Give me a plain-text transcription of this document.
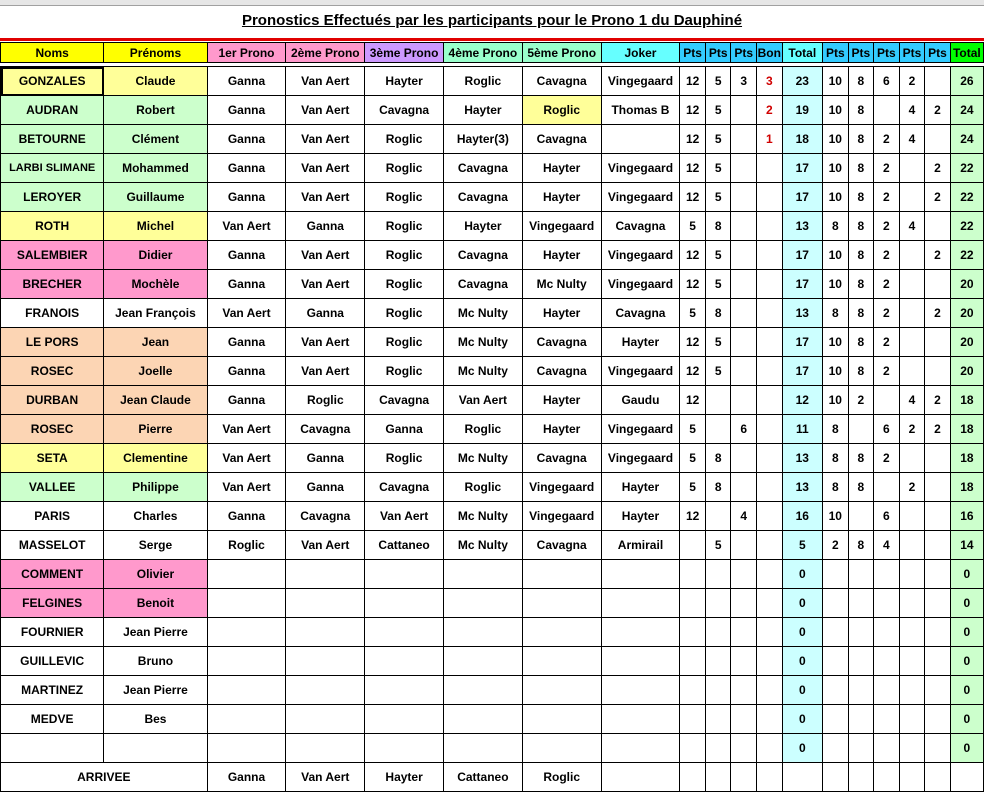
Pronostics Effectués par les participants pour le Prono 1 du Dauphiné
Noms	Prénoms	1er Prono	2ème Prono	3ème Prono	4ème Prono	5ème Prono	Joker	Pts	Pts	Pts	Bon	Total	Pts	Pts	Pts	Pts	Pts	Total

GONZALES	Claude	Ganna	Van Aert	Hayter	Roglic	Cavagna	Vingegaard	12	5	3	3	23	10	8	6	2		26
AUDRAN	Robert	Ganna	Van Aert	Cavagna	Hayter	Roglic	Thomas B	12	5		2	19	10	8		4	2	24
BETOURNE	Clément	Ganna	Van Aert	Roglic	Hayter(3)	Cavagna		12	5		1	18	10	8	2	4		24
LARBI SLIMANE	Mohammed	Ganna	Van Aert	Roglic	Cavagna	Hayter	Vingegaard	12	5			17	10	8	2		2	22
LEROYER	Guillaume	Ganna	Van Aert	Roglic	Cavagna	Hayter	Vingegaard	12	5			17	10	8	2		2	22
ROTH	Michel	Van Aert	Ganna	Roglic	Hayter	Vingegaard	Cavagna	5	8			13	8	8	2	4		22
SALEMBIER	Didier	Ganna	Van Aert	Roglic	Cavagna	Hayter	Vingegaard	12	5			17	10	8	2		2	22
BRECHER	Mochèle	Ganna	Van Aert	Roglic	Cavagna	Mc Nulty	Vingegaard	12	5			17	10	8	2			20
FRANOIS	Jean François	Van Aert	Ganna	Roglic	Mc Nulty	Hayter	Cavagna	5	8			13	8	8	2		2	20
LE PORS	Jean	Ganna	Van Aert	Roglic	Mc Nulty	Cavagna	Hayter	12	5			17	10	8	2			20
ROSEC	Joelle	Ganna	Van Aert	Roglic	Mc Nulty	Cavagna	Vingegaard	12	5			17	10	8	2			20
DURBAN	Jean Claude	Ganna	Roglic	Cavagna	Van Aert	Hayter	Gaudu	12				12	10	2		4	2	18
ROSEC	Pierre	Van Aert	Cavagna	Ganna	Roglic	Hayter	Vingegaard	5		6		11	8		6	2	2	18
SETA	Clementine	Van Aert	Ganna	Roglic	Mc Nulty	Cavagna	Vingegaard	5	8			13	8	8	2			18
VALLEE	Philippe	Van Aert	Ganna	Cavagna	Roglic	Vingegaard	Hayter	5	8			13	8	8		2		18
PARIS	Charles	Ganna	Cavagna	Van Aert	Mc Nulty	Vingegaard	Hayter	12		4		16	10		6			16
MASSELOT	Serge	Roglic	Van Aert	Cattaneo	Mc Nulty	Cavagna	Armirail		5			5	2	8	4			14
COMMENT	Olivier											0						0
FELGINES	Benoit											0						0
FOURNIER	Jean Pierre											0						0
GUILLEVIC	Bruno											0						0
MARTINEZ	Jean Pierre											0						0
MEDVE	Bes											0						0
												0						0
ARRIVEE		Ganna	Van Aert	Hayter	Cattaneo	Roglic												
